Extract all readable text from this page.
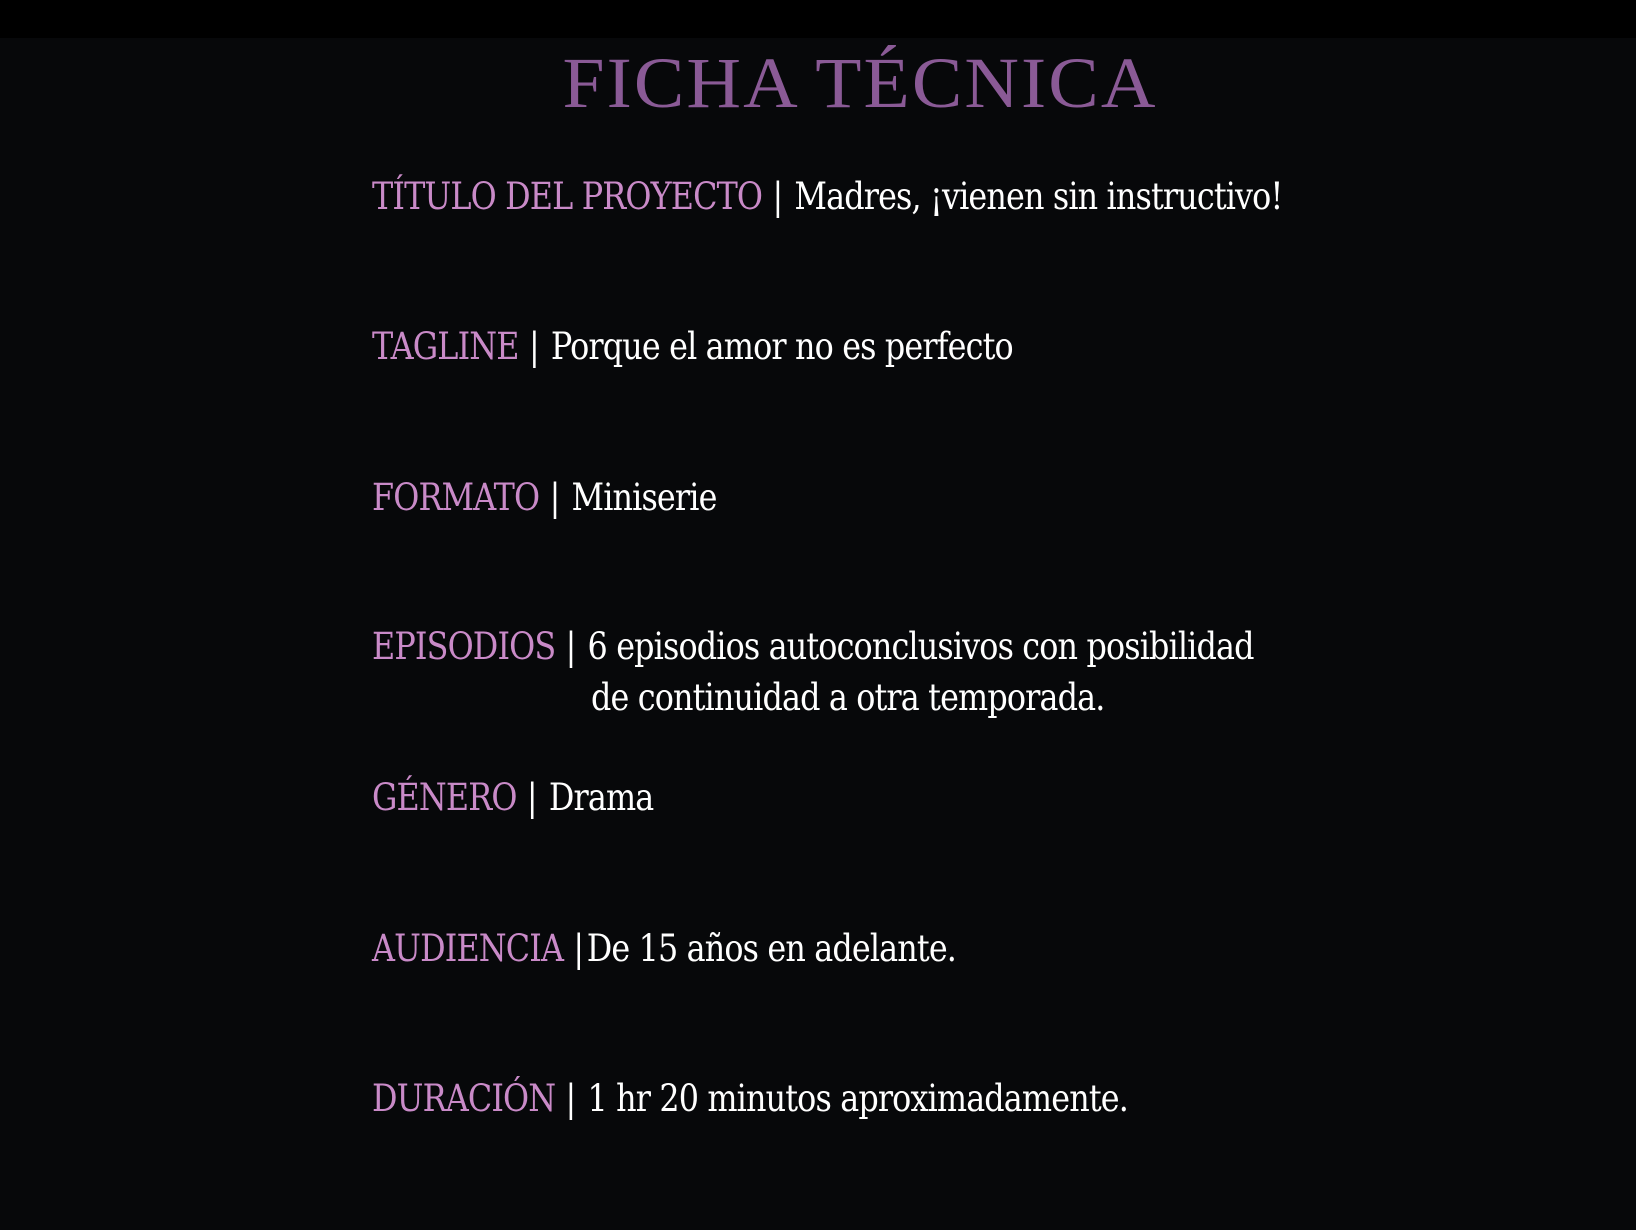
FICHA TÉCNICA
TÍTULO DEL PROYECTO | Madres, ¡vienen sin instructivo!
TAGLINE | Porque el amor no es perfecto
FORMATO | Miniserie
EPISODIOS | 6 episodios autoconclusivos con posibilidad
de continuidad a otra temporada.
GÉNERO | Drama
AUDIENCIA |De 15 años en adelante.
DURACIÓN | 1 hr 20 minutos aproximadamente.
